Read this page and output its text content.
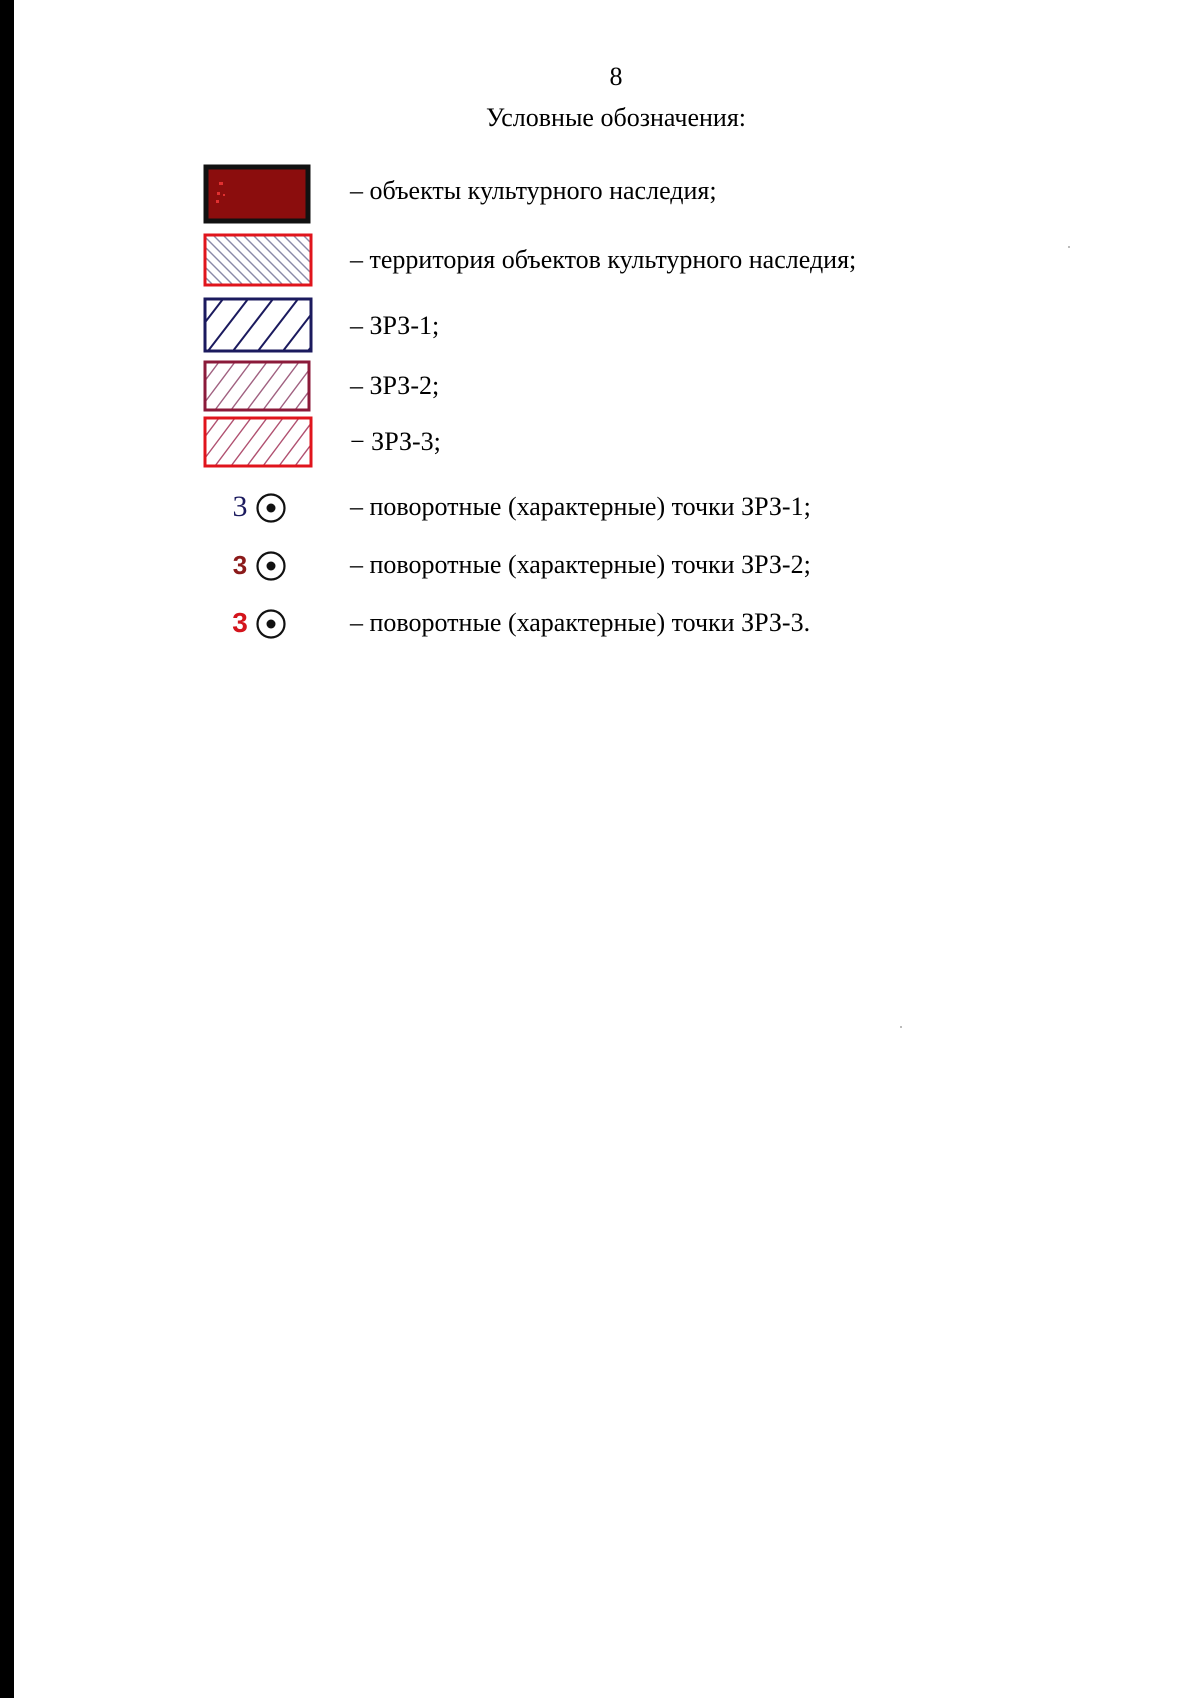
8
Условные обозначения:
– объекты культурного наследия;
– территория объектов культурного наследия;
– ЗРЗ-1;
– ЗРЗ-2;
− ЗРЗ-3;
3	– поворотные (характерные) точки ЗРЗ-1;
3	– поворотные (характерные) точки ЗРЗ-2;
3	– поворотные (характерные) точки ЗРЗ-3.
